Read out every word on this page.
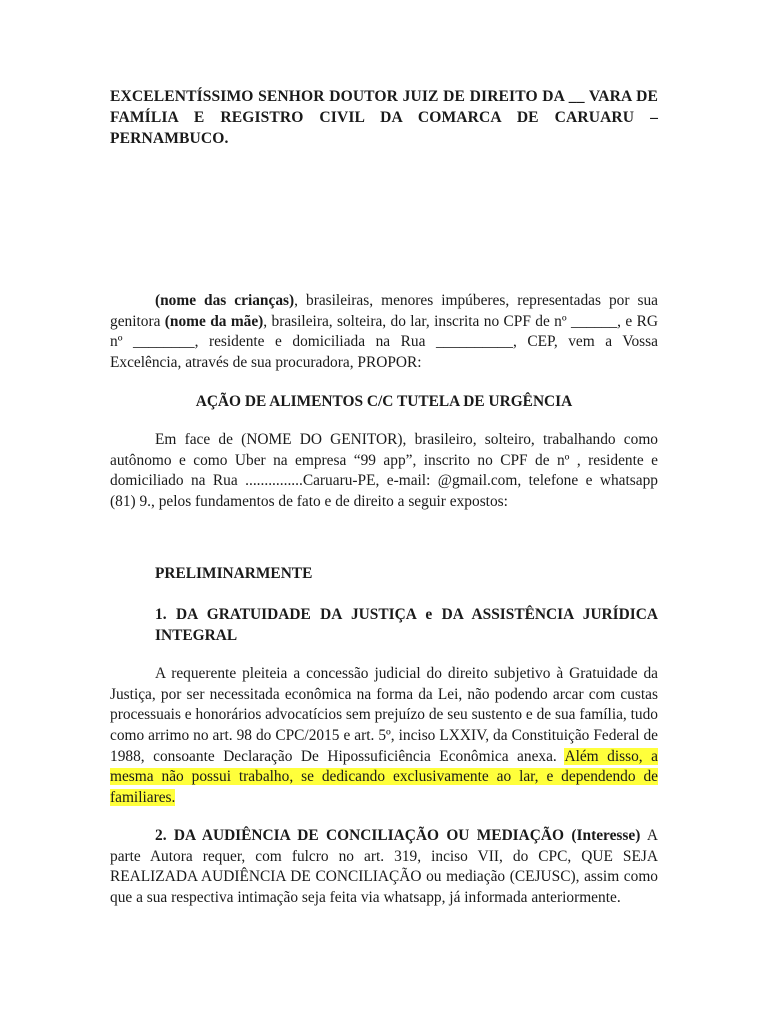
EXCELENTÍSSIMO SENHOR DOUTOR JUIZ DE DIREITO DA __ VARA DE FAMÍLIA E REGISTRO CIVIL DA COMARCA DE CARUARU – PERNAMBUCO.

(nome das crianças), brasileiras, menores impúberes, representadas por sua genitora (nome da mãe), brasileira, solteira, do lar, inscrita no CPF de nº ______, e RG nº ________, residente e domiciliada na Rua __________, CEP, vem a Vossa Excelência, através de sua procuradora, PROPOR:

AÇÃO DE ALIMENTOS C/C TUTELA DE URGÊNCIA

Em face de (NOME DO GENITOR), brasileiro, solteiro, trabalhando como autônomo e como Uber na empresa “99 app”, inscrito no CPF de nº , residente e domiciliado na Rua ...............Caruaru-PE, e-mail: @gmail.com, telefone e whatsapp (81) 9., pelos fundamentos de fato e de direito a seguir expostos:

PRELIMINARMENTE

1. DA GRATUIDADE DA JUSTIÇA e DA ASSISTÊNCIA JURÍDICA INTEGRAL

A requerente pleiteia a concessão judicial do direito subjetivo à Gratuidade da Justiça, por ser necessitada econômica na forma da Lei, não podendo arcar com custas processuais e honorários advocatícios sem prejuízo de seu sustento e de sua família, tudo como arrimo no art. 98 do CPC/2015 e art. 5º, inciso LXXIV, da Constituição Federal de 1988, consoante Declaração De Hipossuficiência Econômica anexa. Além disso, a mesma não possui trabalho, se dedicando exclusivamente ao lar, e dependendo de familiares.

2. DA AUDIÊNCIA DE CONCILIAÇÃO OU MEDIAÇÃO (Interesse) A parte Autora requer, com fulcro no art. 319, inciso VII, do CPC, QUE SEJA REALIZADA AUDIÊNCIA DE CONCILIAÇÃO ou mediação (CEJUSC), assim como que a sua respectiva intimação seja feita via whatsapp, já informada anteriormente.
